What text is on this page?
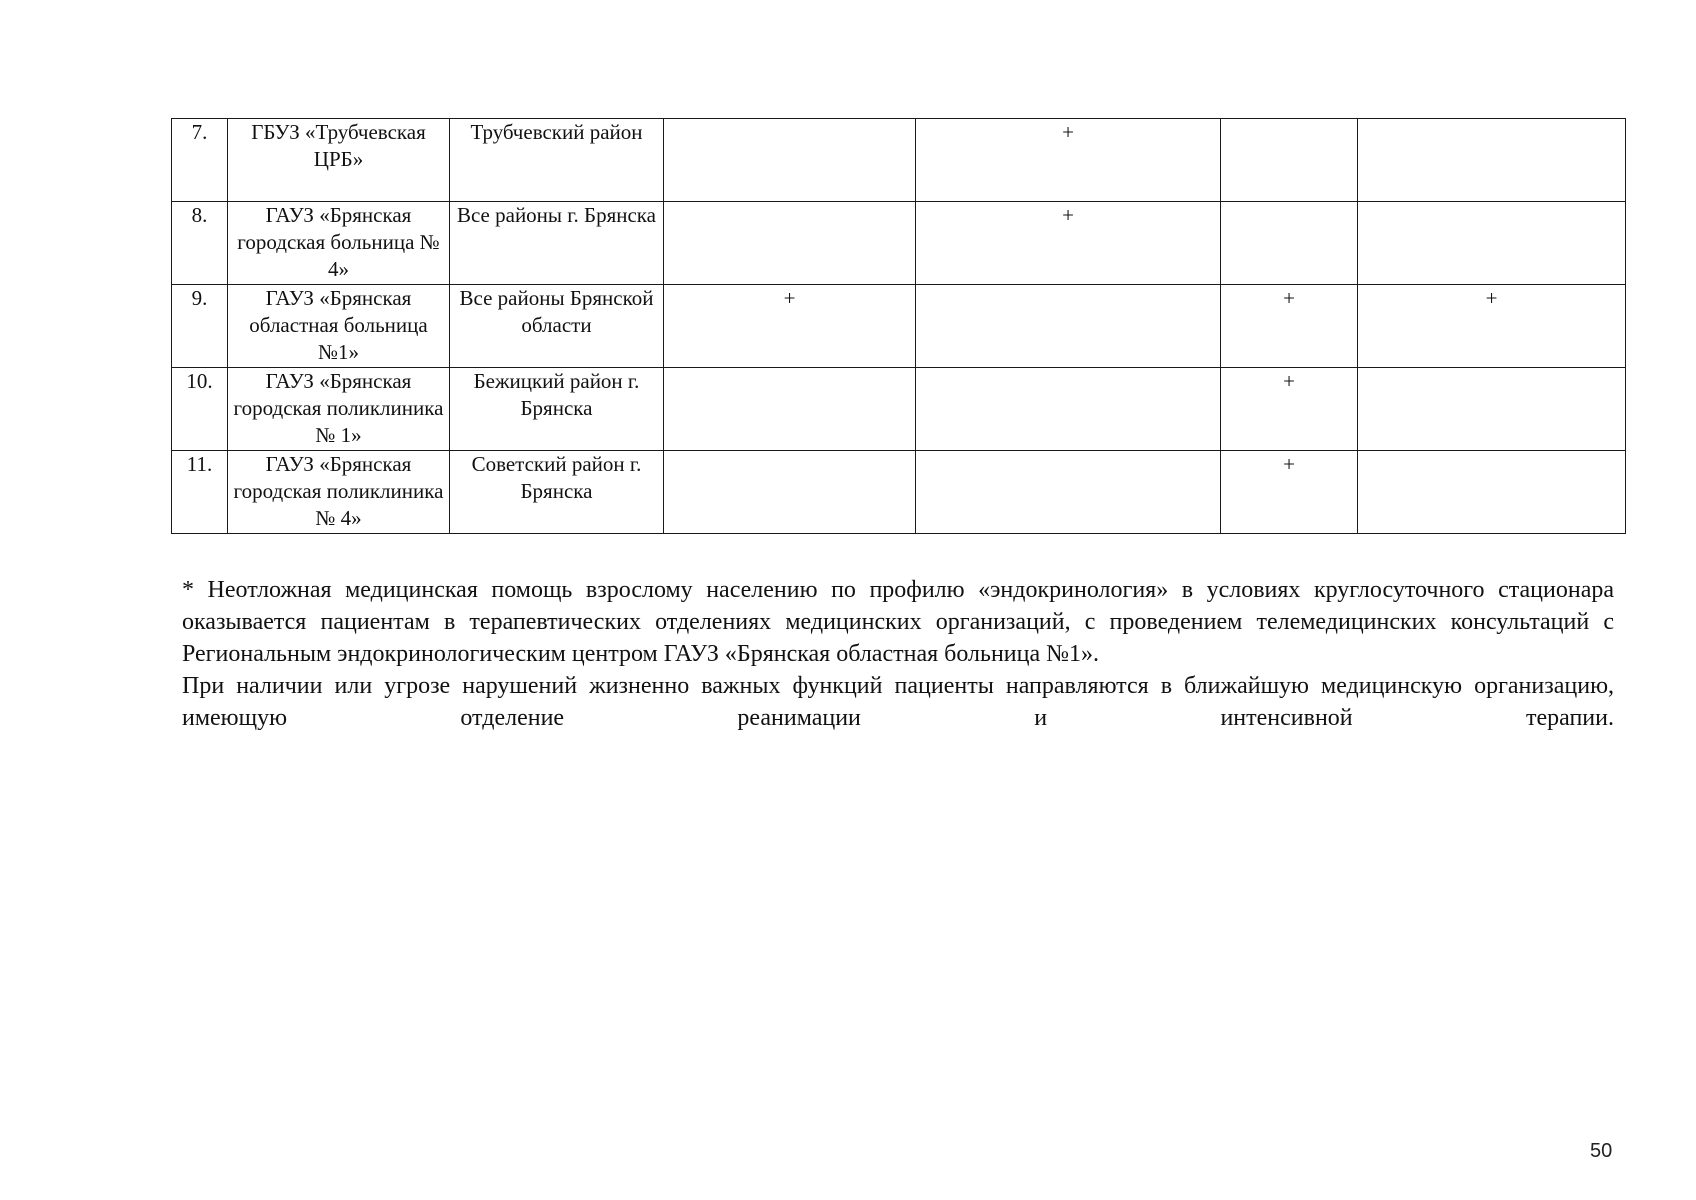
7.	ГБУЗ «Трубчевская ЦРБ»	Трубчевский район		+		
8.	ГАУЗ «Брянская городская больница № 4»	Все районы г. Брянска		+		
9.	ГАУЗ «Брянская областная больница №1»	Все районы Брянской области	+		+	+
10.	ГАУЗ «Брянская городская поликлиника № 1»	Бежицкий район г. Брянска			+	
11.	ГАУЗ «Брянская городская поликлиника № 4»	Советский район г. Брянска			+	

* Неотложная медицинская помощь взрослому населению по профилю «эндокринология» в условиях круглосуточного стационара оказывается пациентам в терапевтических отделениях медицинских организаций, с проведением телемедицинских консультаций с Региональным эндокринологическим центром ГАУЗ «Брянская областная больница №1».

При наличии или угрозе нарушений жизненно важных функций пациенты направляются в ближайшую медицинскую организацию, имеющую отделение реанимации и интенсивной терапии.

50
